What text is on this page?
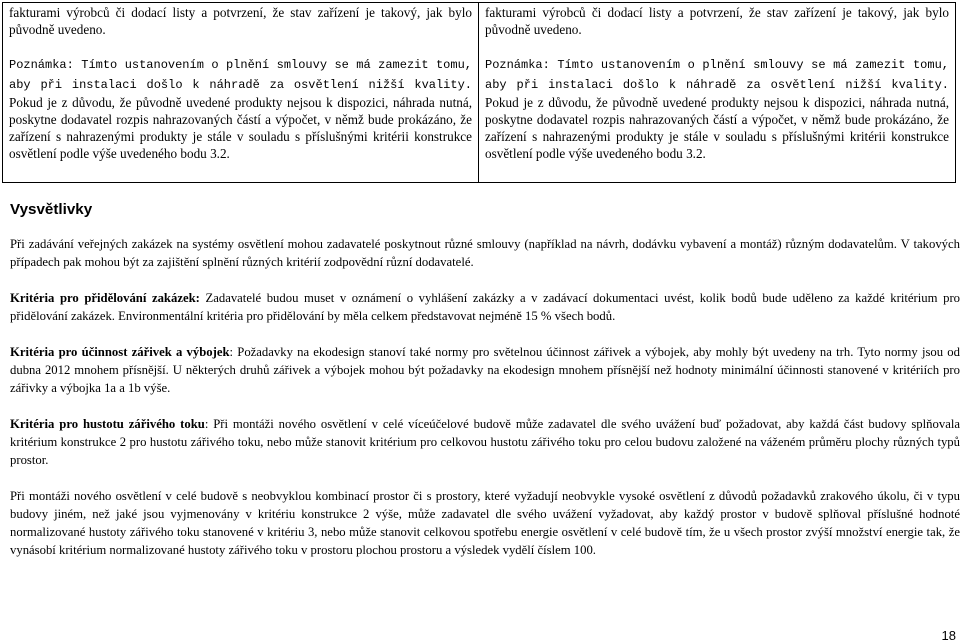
fakturami výrobců či dodací listy a potvrzení, že stav zařízení je takový, jak bylo původně uvedeno.

Poznámka: Tímto ustanovením o plnění smlouvy se má zamezit tomu, aby při instalaci došlo k náhradě za osvětlení nižší kvality. Pokud je z důvodu, že původně uvedené produkty nejsou k dispozici, náhrada nutná, poskytne dodavatel rozpis nahrazovaných částí a výpočet, v němž bude prokázáno, že zařízení s nahrazenými produkty je stále v souladu s příslušnými kritérii konstrukce osvětlení podle výše uvedeného bodu 3.2.

fakturami výrobců či dodací listy a potvrzení, že stav zařízení je takový, jak bylo původně uvedeno.

Poznámka: Tímto ustanovením o plnění smlouvy se má zamezit tomu, aby při instalaci došlo k náhradě za osvětlení nižší kvality. Pokud je z důvodu, že původně uvedené produkty nejsou k dispozici, náhrada nutná, poskytne dodavatel rozpis nahrazovaných částí a výpočet, v němž bude prokázáno, že zařízení s nahrazenými produkty je stále v souladu s příslušnými kritérii konstrukce osvětlení podle výše uvedeného bodu 3.2.

Vysvětlivky

Při zadávání veřejných zakázek na systémy osvětlení mohou zadavatelé poskytnout různé smlouvy (například na návrh, dodávku vybavení a montáž) různým dodavatelům. V takových případech pak mohou být za zajištění splnění různých kritérií zodpovědní různí dodavatelé.

Kritéria pro přidělování zakázek: Zadavatelé budou muset v oznámení o vyhlášení zakázky a v zadávací dokumentaci uvést, kolik bodů bude uděleno za každé kritérium pro přidělování zakázek. Environmentální kritéria pro přidělování by měla celkem představovat nejméně 15 % všech bodů.

Kritéria pro účinnost zářivek a výbojek: Požadavky na ekodesign stanoví také normy pro světelnou účinnost zářivek a výbojek, aby mohly být uvedeny na trh. Tyto normy jsou od dubna 2012 mnohem přísnější. U některých druhů zářivek a výbojek mohou být požadavky na ekodesign mnohem přísnější než hodnoty minimální účinnosti stanovené v kritériích pro zářivky a výbojka 1a a 1b výše.

Kritéria pro hustotu zářivého toku: Při montáži nového osvětlení v celé víceúčelové budově může zadavatel dle svého uvážení buď požadovat, aby každá část budovy splňovala kritérium konstrukce 2 pro hustotu zářivého toku, nebo může stanovit kritérium pro celkovou hustotu zářivého toku pro celou budovu založené na váženém průměru plochy různých typů prostor.

Při montáži nového osvětlení v celé budově s neobvyklou kombinací prostor či s prostory, které vyžadují neobvykle vysoké osvětlení z důvodů požadavků zrakového úkolu, či v typu budovy jiném, než jaké jsou vyjmenovány v kritériu konstrukce 2 výše, může zadavatel dle svého uvážení vyžadovat, aby každý prostor v budově splňoval příslušné hodnoté normalizované hustoty zářivého toku stanovené v kritériu 3, nebo může stanovit celkovou spotřebu energie osvětlení v celé budově tím, že u všech prostor zvýší množství energie tak, že vynásobí kritérium normalizované hustoty zářivého toku v prostoru plochou prostoru a výsledek vydělí číslem 100.

18
